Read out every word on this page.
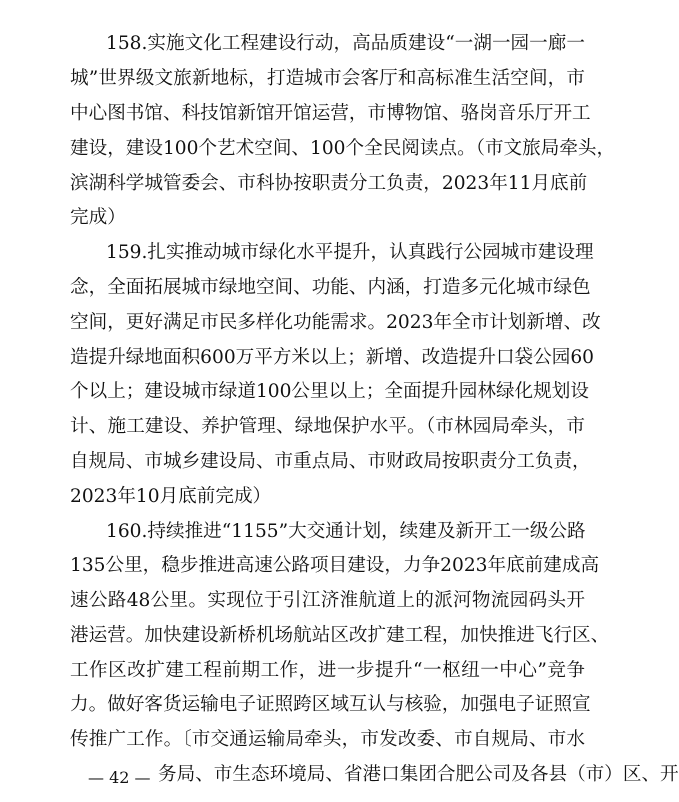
158.实施文化工程建设行动，高品质建设“一湖一园一廊一
城”世界级文旅新地标，打造城市会客厅和高标准生活空间，市
中心图书馆、科技馆新馆开馆运营，市博物馆、骆岗音乐厅开工
建设，建设100个艺术空间、100个全民阅读点。（市文旅局牵头，
滨湖科学城管委会、市科协按职责分工负责，2023年11月底前
完成）
159.扎实推动城市绿化水平提升，认真践行公园城市建设理
念，全面拓展城市绿地空间、功能、内涵，打造多元化城市绿色
空间，更好满足市民多样化功能需求。2023年全市计划新增、改
造提升绿地面积600万平方米以上；新增、改造提升口袋公园60
个以上；建设城市绿道100公里以上；全面提升园林绿化规划设
计、施工建设、养护管理、绿地保护水平。（市林园局牵头，市
自规局、市城乡建设局、市重点局、市财政局按职责分工负责，
2023年10月底前完成）
160.持续推进“1155”大交通计划，续建及新开工一级公路
135公里，稳步推进高速公路项目建设，力争2023年底前建成高
速公路48公里。实现位于引江济淮航道上的派河物流园码头开
港运营。加快建设新桥机场航站区改扩建工程，加快推进飞行区、
工作区改扩建工程前期工作，进一步提升“一枢纽一中心”竞争
力。做好客货运输电子证照跨区域互认与核验，加强电子证照宣
传推广工作。〔市交通运输局牵头，市发改委、市自规局、市水
务局、市生态环境局、省港口集团合肥公司及各县（市）区、开
— 42 —
